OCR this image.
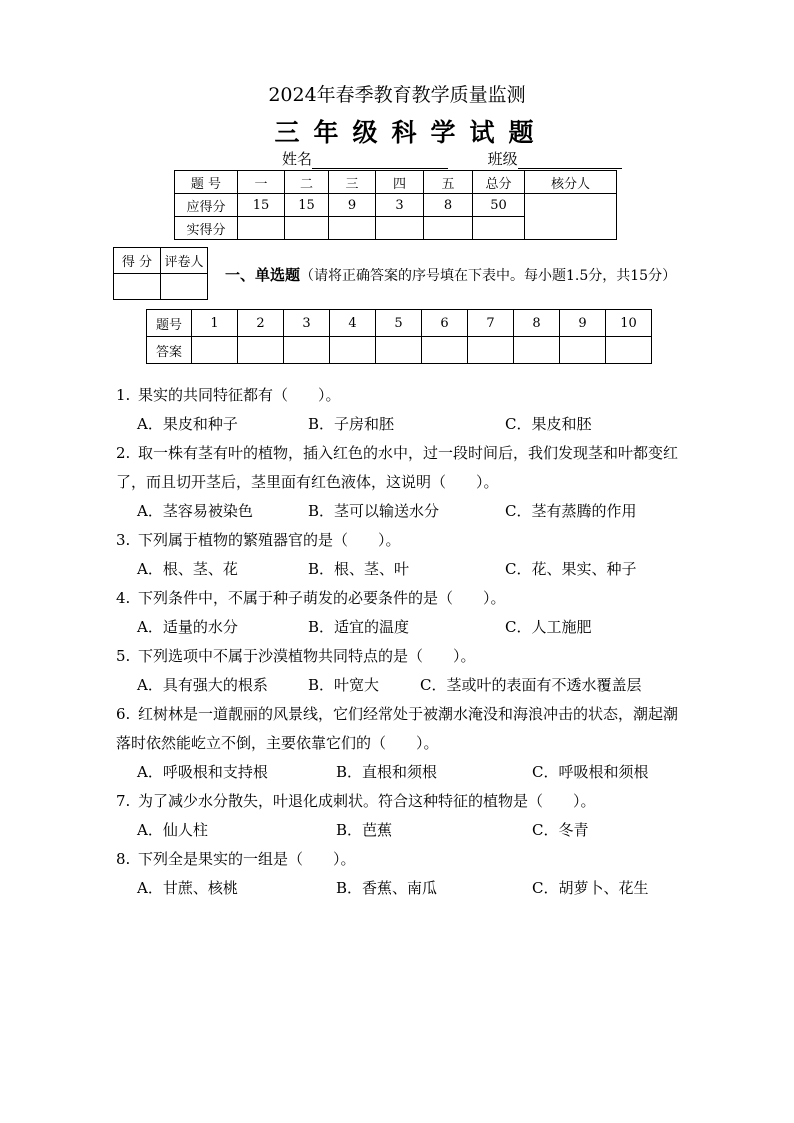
2024年春季教育教学质量监测
三年级科学试题
姓名	班级
题 号	一	二	三	四	五	总分	核分人
应得分	15	15	9	3	8	50	
实得分							
得 分	评卷人

一、单选题（请将正确答案的序号填在下表中。每小题1.5分，共15分）
题号	1	2	3	4	5	6	7	8	9	10
答案										
1. 果实的共同特征都有（　　）。
A．果皮和种子	B．子房和胚	C．果皮和胚
2. 取一株有茎有叶的植物，插入红色的水中，过一段时间后，我们发现茎和叶都变红了，而且切开茎后，茎里面有红色液体，这说明（　　）。
A．茎容易被染色	B．茎可以输送水分	C．茎有蒸腾的作用
3. 下列属于植物的繁殖器官的是（　　）。
A．根、茎、花	B．根、茎、叶	C．花、果实、种子
4. 下列条件中，不属于种子萌发的必要条件的是（　　）。
A．适量的水分	B．适宜的温度	C．人工施肥
5. 下列选项中不属于沙漠植物共同特点的是（　　）。
A．具有强大的根系	B．叶宽大	C．茎或叶的表面有不透水覆盖层
6. 红树林是一道靓丽的风景线，它们经常处于被潮水淹没和海浪冲击的状态，潮起潮落时依然能屹立不倒，主要依靠它们的（　　）。
A．呼吸根和支持根	B．直根和须根	C．呼吸根和须根
7. 为了减少水分散失，叶退化成刺状。符合这种特征的植物是（　　）。
A．仙人柱	B．芭蕉	C．冬青
8. 下列全是果实的一组是（　　）。
A．甘蔗、核桃	B．香蕉、南瓜	C．胡萝卜、花生
